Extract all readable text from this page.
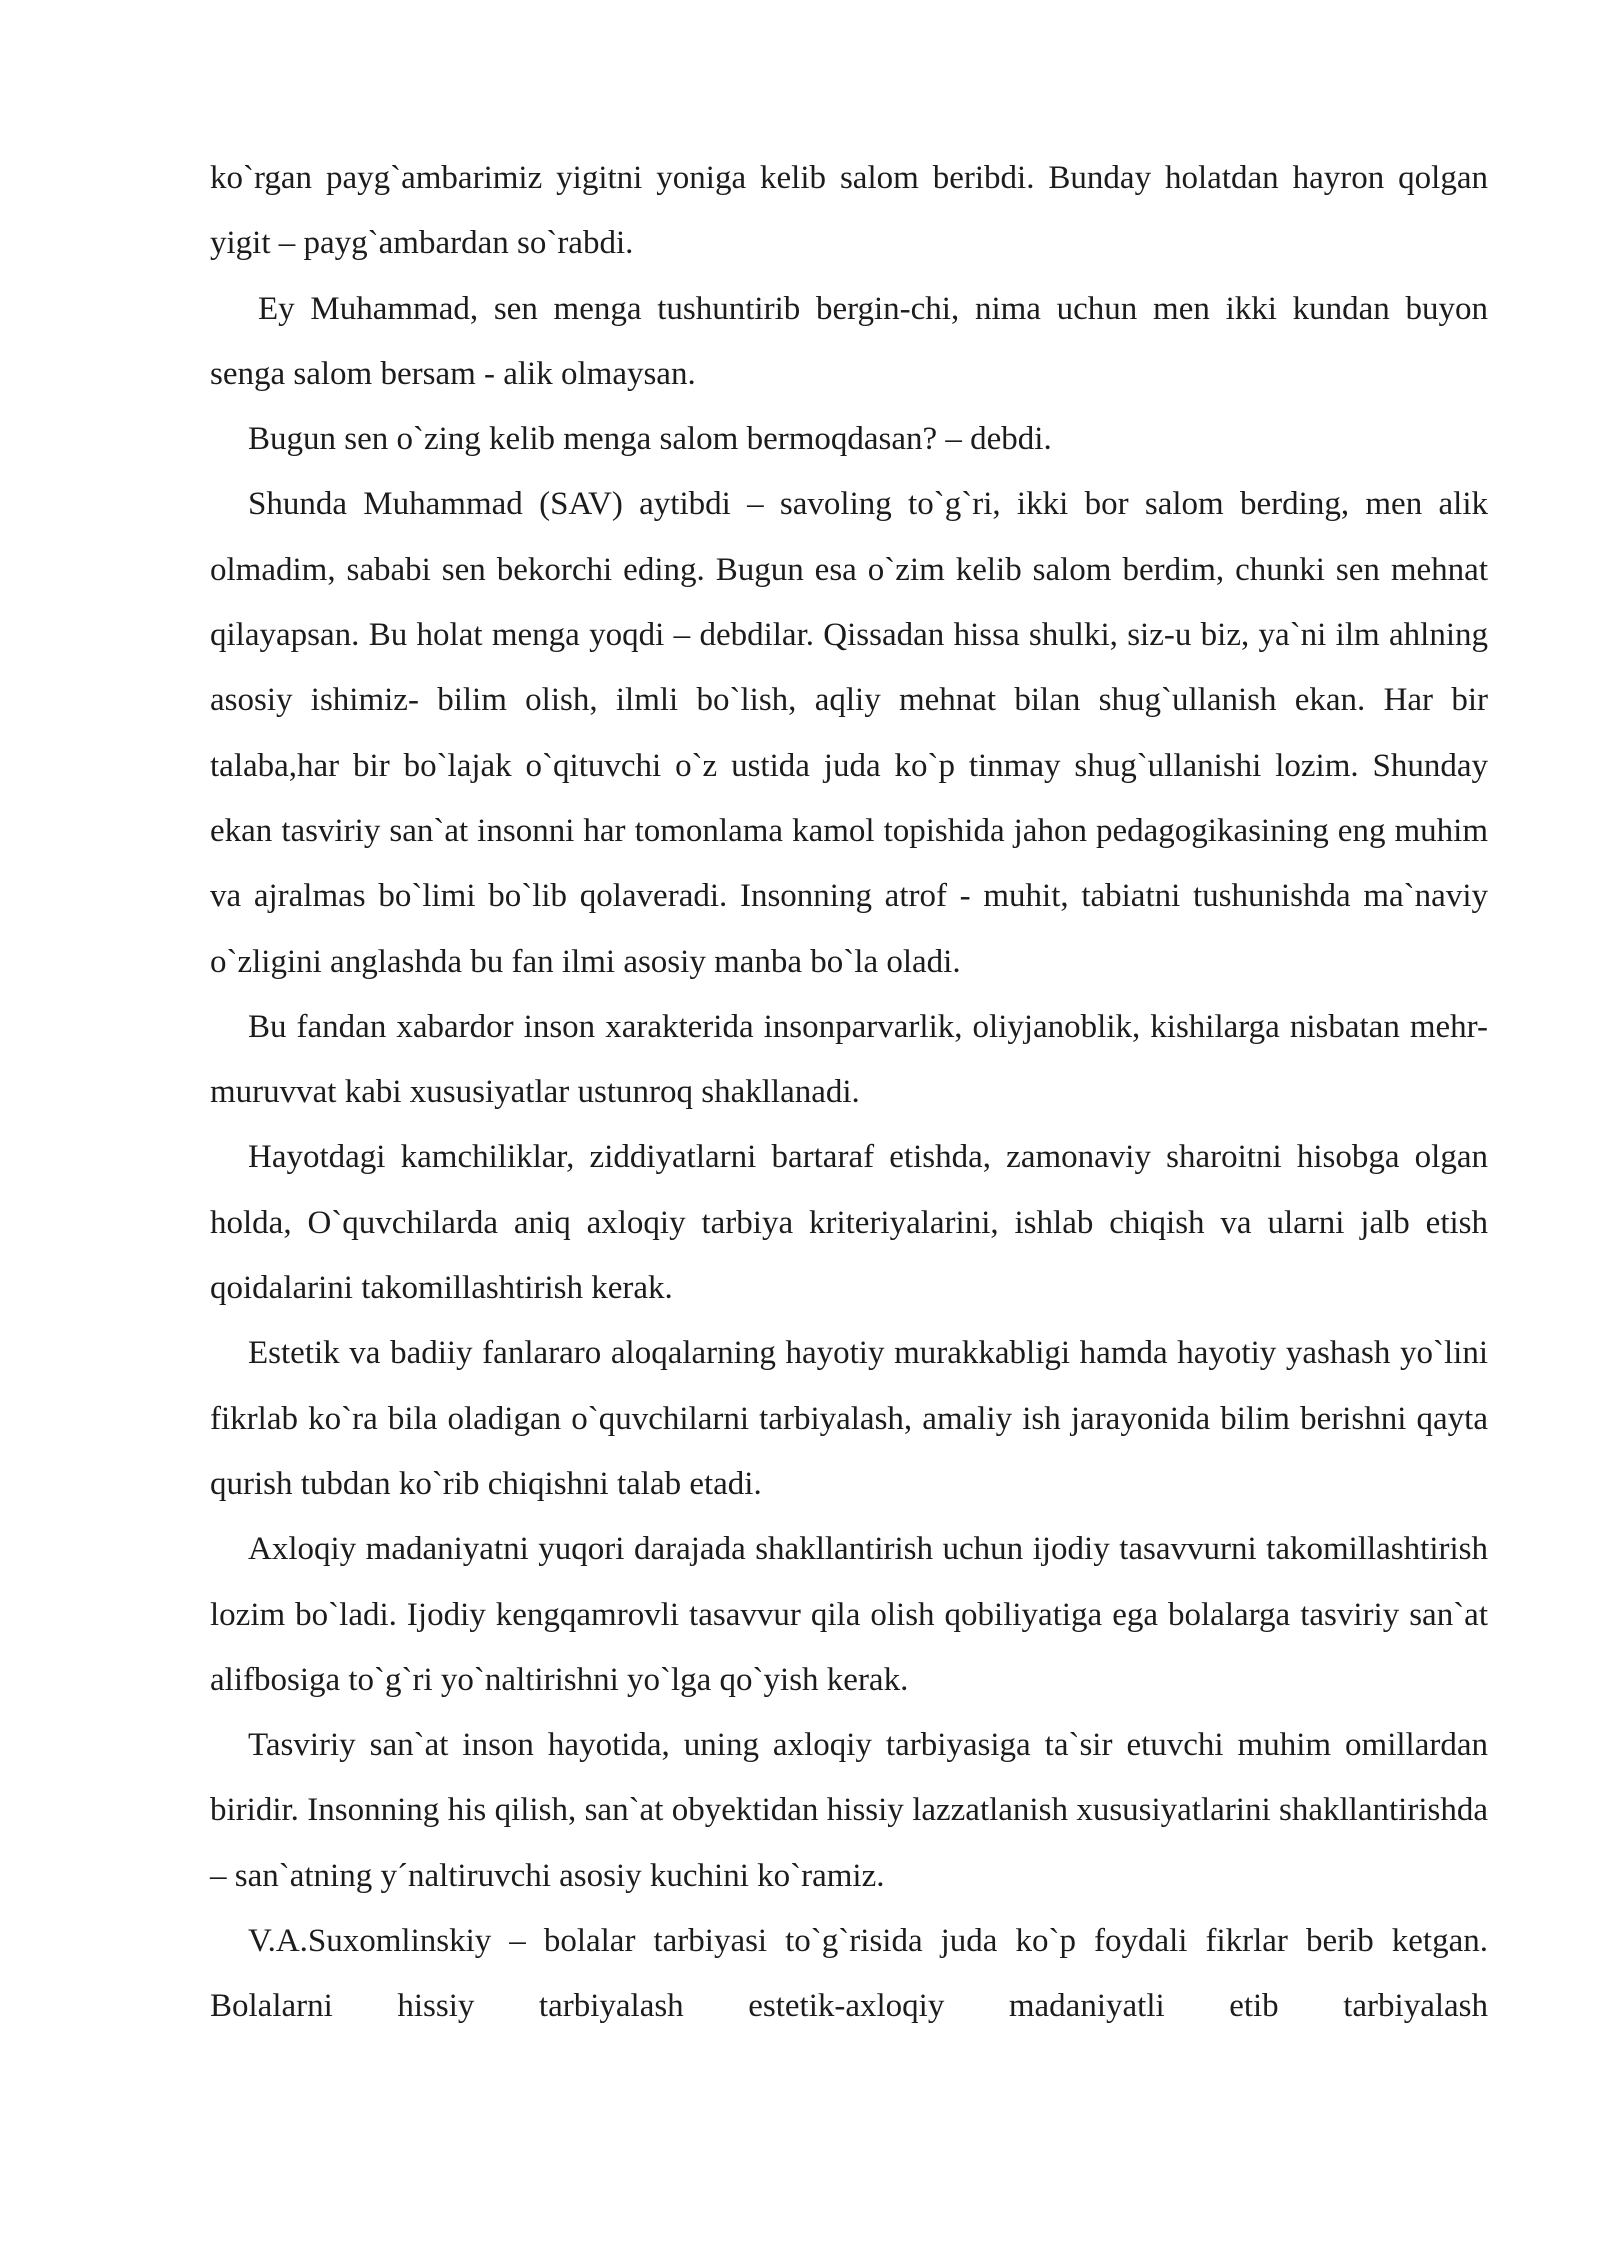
ko`rgan payg`ambarimiz yigitni yoniga kelib salom beribdi. Bunday holatdan hayron qolgan yigit – payg`ambardan so`rabdi.

Ey Muhammad, sen menga tushuntirib bergin-chi, nima uchun men ikki kundan buyon senga salom bersam - alik olmaysan.

Bugun sen o`zing kelib menga salom bermoqdasan? – debdi.

Shunda Muhammad (SAV) aytibdi – savoling to`g`ri, ikki bor salom berding, men alik olmadim, sababi sen bekorchi eding. Bugun esa o`zim kelib salom berdim, chunki sen mehnat qilayapsan. Bu holat menga yoqdi – debdilar. Qissadan hissa shulki, siz-u biz, ya`ni ilm ahlning asosiy ishimiz- bilim olish, ilmli bo`lish, aqliy mehnat bilan shug`ullanish ekan. Har bir talaba,har bir bo`lajak o`qituvchi o`z ustida juda ko`p tinmay shug`ullanishi lozim. Shunday ekan tasviriy san`at insonni har tomonlama kamol topishida jahon pedagogikasining eng muhim va ajralmas bo`limi bo`lib qolaveradi. Insonning atrof - muhit, tabiatni tushunishda ma`naviy o`zligini anglashda bu fan ilmi asosiy manba bo`la oladi.

Bu fandan xabardor inson xarakterida insonparvarlik, oliyjanoblik, kishilarga nisbatan mehr-muruvvat kabi xususiyatlar ustunroq shakllanadi.

Hayotdagi kamchiliklar, ziddiyatlarni bartaraf etishda, zamonaviy sharoitni hisobga olgan holda, O`quvchilarda aniq axloqiy tarbiya kriteriyalarini, ishlab chiqish va ularni jalb etish qoidalarini takomillashtirish kerak.

Estetik va badiiy fanlararo aloqalarning hayotiy murakkabligi hamda hayotiy yashash yo`lini fikrlab ko`ra bila oladigan o`quvchilarni tarbiyalash, amaliy ish jarayonida bilim berishni qayta qurish tubdan ko`rib chiqishni talab etadi.

Axloqiy madaniyatni yuqori darajada shakllantirish uchun ijodiy tasavvurni takomillashtirish lozim bo`ladi. Ijodiy kengqamrovli tasavvur qila olish qobiliyatiga ega bolalarga tasviriy san`at alifbosiga to`g`ri yo`naltirishni yo`lga qo`yish kerak.

Tasviriy san`at inson hayotida, uning axloqiy tarbiyasiga ta`sir etuvchi muhim omillardan biridir. Insonning his qilish, san`at obyektidan hissiy lazzatlanish xususiyatlarini shakllantirishda – san`atning y´naltiruvchi asosiy kuchini ko`ramiz.

V.A.Suxomlinskiy – bolalar tarbiyasi to`g`risida juda ko`p foydali fikrlar berib ketgan. Bolalarni hissiy tarbiyalash estetik-axloqiy madaniyatli etib tarbiyalash
